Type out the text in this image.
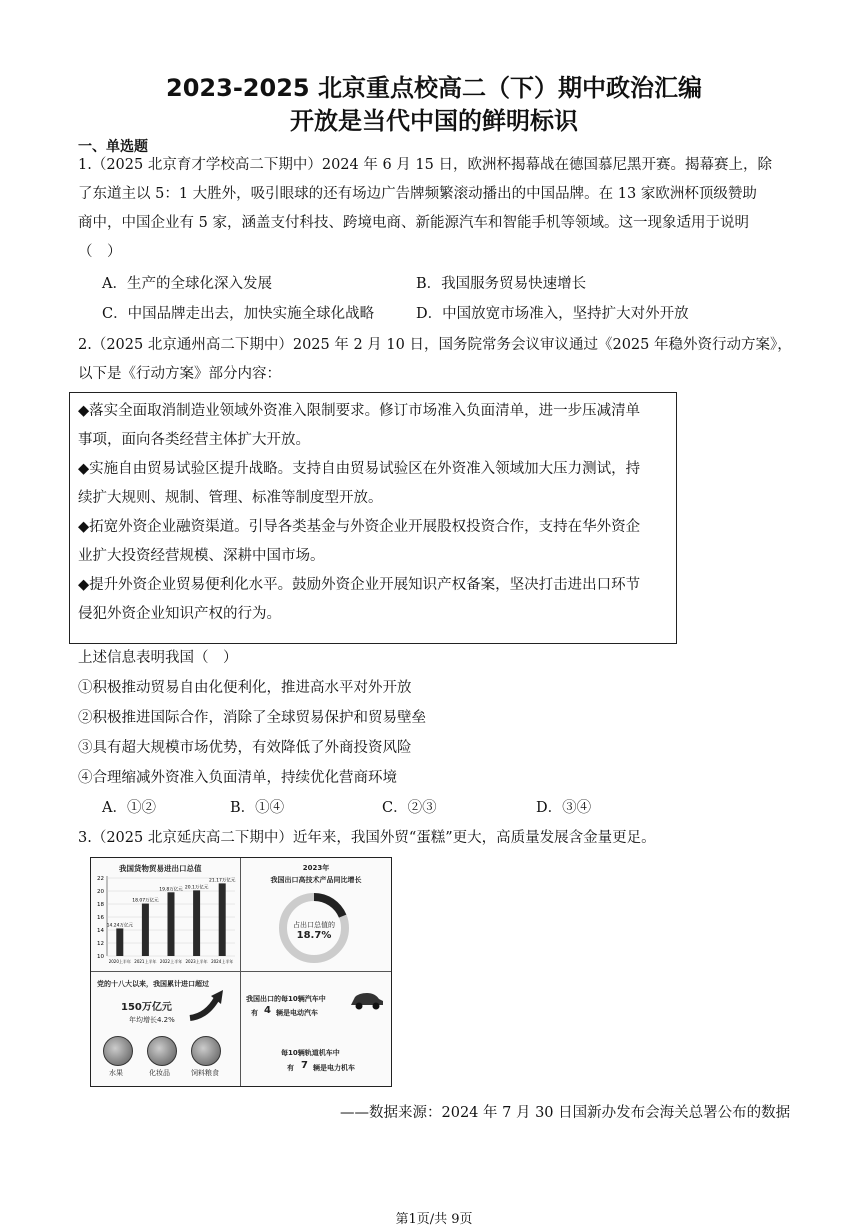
2023-2025 北京重点校高二（下）期中政治汇编
开放是当代中国的鲜明标识
一、单选题
1.（2025 北京育才学校高二下期中）2024 年 6 月 15 日，欧洲杯揭幕战在德国慕尼黑开赛。揭幕赛上，除
了东道主以 5：1 大胜外，吸引眼球的还有场边广告牌频繁滚动播出的中国品牌。在 13 家欧洲杯顶级赞助
商中，中国企业有 5 家，涵盖支付科技、跨境电商、新能源汽车和智能手机等领域。这一现象适用于说明
（　）
A．生产的全球化深入发展	B．我国服务贸易快速增长
C．中国品牌走出去，加快实施全球化战略	D．中国放宽市场准入，坚持扩大对外开放
2.（2025 北京通州高二下期中）2025 年 2 月 10 日，国务院常务会议审议通过《2025 年稳外资行动方案》，
以下是《行动方案》部分内容：
◆落实全面取消制造业领域外资准入限制要求。修订市场准入负面清单，进一步压减清单
事项，面向各类经营主体扩大开放。
◆实施自由贸易试验区提升战略。支持自由贸易试验区在外资准入领域加大压力测试，持
续扩大规则、规制、管理、标准等制度型开放。
◆拓宽外资企业融资渠道。引导各类基金与外资企业开展股权投资合作，支持在华外资企
业扩大投资经营规模、深耕中国市场。
◆提升外资企业贸易便利化水平。鼓励外资企业开展知识产权备案，坚决打击进出口环节
侵犯外资企业知识产权的行为。
上述信息表明我国（　）
①积极推动贸易自由化便利化，推进高水平对外开放
②积极推进国际合作，消除了全球贸易保护和贸易壁垒
③具有超大规模市场优势，有效降低了外商投资风险
④合理缩减外资准入负面清单，持续优化营商环境
A．①②	B．①④	C．②③	D．③④
3.（2025 北京延庆高二下期中）近年来，我国外贸“蛋糕”更大，高质量发展含金量更足。
我国货物贸易进出口总值
10
12
14
16
18
20
22
14.24万亿元
2020上半年
18.07万亿元
2021上半年
19.8万亿元
2022上半年
20.1万亿元
2023上半年
21.17万亿元
2024上半年
2023年
我国出口高技术产品同比增长
占出口总值的
18.7%
党的十八大以来，我国累计进口超过
150万亿元
年均增长4.2%
水果	化妆品	饲料粮食
我国出口的每10辆汽车中
有 4 辆是电动汽车
每10辆轨道机车中
有 7 辆是电力机车
——数据来源：2024 年 7 月 30 日国新办发布会海关总署公布的数据
第1页/共 9页
